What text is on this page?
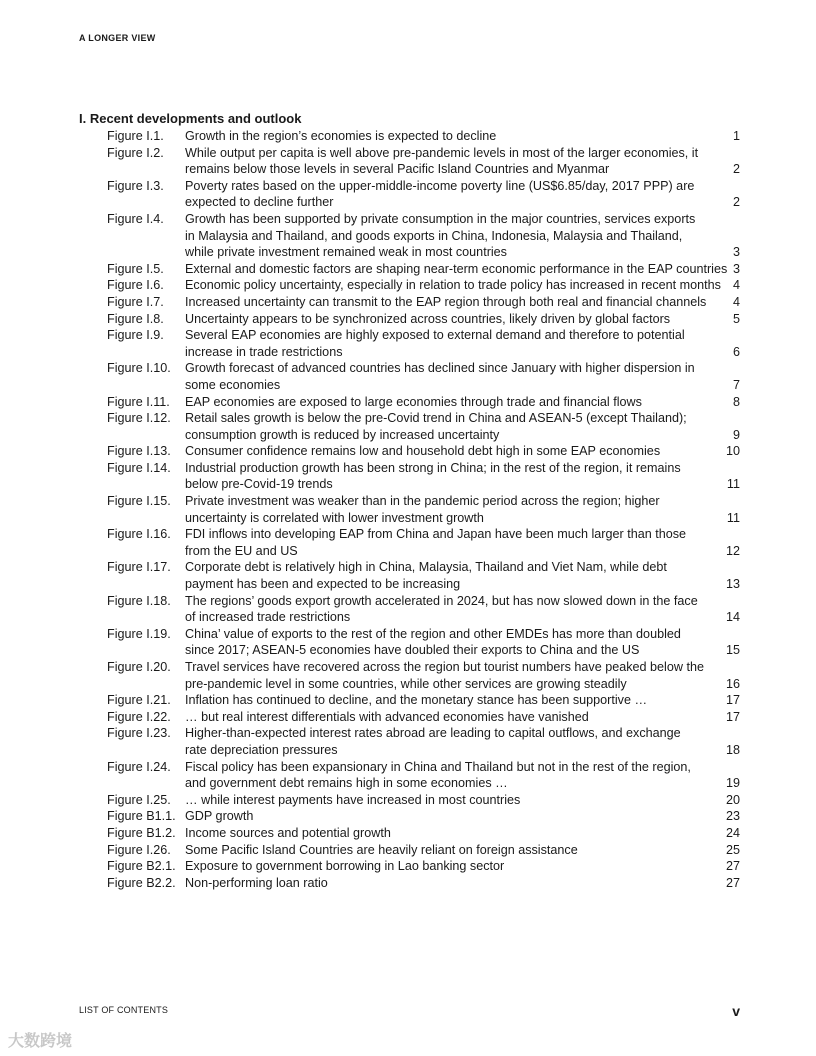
A LONGER VIEW
I. Recent developments and outlook
Figure I.1.	Growth in the region’s economies is expected to decline	1
Figure I.2.	While output per capita is well above pre-pandemic levels in most of the larger economies, it
remains below those levels in several Pacific Island Countries and Myanmar	2
Figure I.3.	Poverty rates based on the upper-middle-income poverty line (US$6.85/day, 2017 PPP) are
expected to decline further	2
Figure I.4.	Growth has been supported by private consumption in the major countries, services exports
in Malaysia and Thailand, and goods exports in China, Indonesia, Malaysia and Thailand,
while private investment remained weak in most countries	3
Figure I.5.	External and domestic factors are shaping near-term economic performance in the EAP countries 3
Figure I.6.	Economic policy uncertainty, especially in relation to trade policy has increased in recent months 4
Figure I.7.	Increased uncertainty can transmit to the EAP region through both real and financial channels	4
Figure I.8.	Uncertainty appears to be synchronized across countries, likely driven by global factors	5
Figure I.9.	Several EAP economies are highly exposed to external demand and therefore to potential
increase in trade restrictions	6
Figure I.10.	Growth forecast of advanced countries has declined since January with higher dispersion in
some economies	7
Figure I.11.	EAP economies are exposed to large economies through trade and financial flows	8
Figure I.12.	Retail sales growth is below the pre-Covid trend in China and ASEAN-5 (except Thailand);
consumption growth is reduced by increased uncertainty	9
Figure I.13.	Consumer confidence remains low and household debt high in some EAP economies	10
Figure I.14.	Industrial production growth has been strong in China; in the rest of the region, it remains
below pre-Covid-19 trends	11
Figure I.15.	Private investment was weaker than in the pandemic period across the region; higher
uncertainty is correlated with lower investment growth	11
Figure I.16.	FDI inflows into developing EAP from China and Japan have been much larger than those
from the EU and US	12
Figure I.17.	Corporate debt is relatively high in China, Malaysia, Thailand and Viet Nam, while debt
payment has been and expected to be increasing	13
Figure I.18.	The regions’ goods export growth accelerated in 2024, but has now slowed down in the face
of increased trade restrictions	14
Figure I.19.	China’ value of exports to the rest of the region and other EMDEs has more than doubled
since 2017; ASEAN-5 economies have doubled their exports to China and the US	15
Figure I.20.	Travel services have recovered across the region but tourist numbers have peaked below the
pre-pandemic level in some countries, while other services are growing steadily	16
Figure I.21.	Inflation has continued to decline, and the monetary stance has been supportive …	17
Figure I.22.	… but real interest differentials with advanced economies have vanished	17
Figure I.23.	Higher-than-expected interest rates abroad are leading to capital outflows, and exchange
rate depreciation pressures	18
Figure I.24.	Fiscal policy has been expansionary in China and Thailand but not in the rest of the region,
and government debt remains high in some economies …	19
Figure I.25.	… while interest payments have increased in most countries	20
Figure B1.1. GDP growth	23
Figure B1.2. Income sources and potential growth	24
Figure I.26.	Some Pacific Island Countries are heavily reliant on foreign assistance	25
Figure B2.1. Exposure to government borrowing in Lao banking sector	27
Figure B2.2. Non-performing loan ratio	27
LIST OF CONTENTS	v
大数跨境
